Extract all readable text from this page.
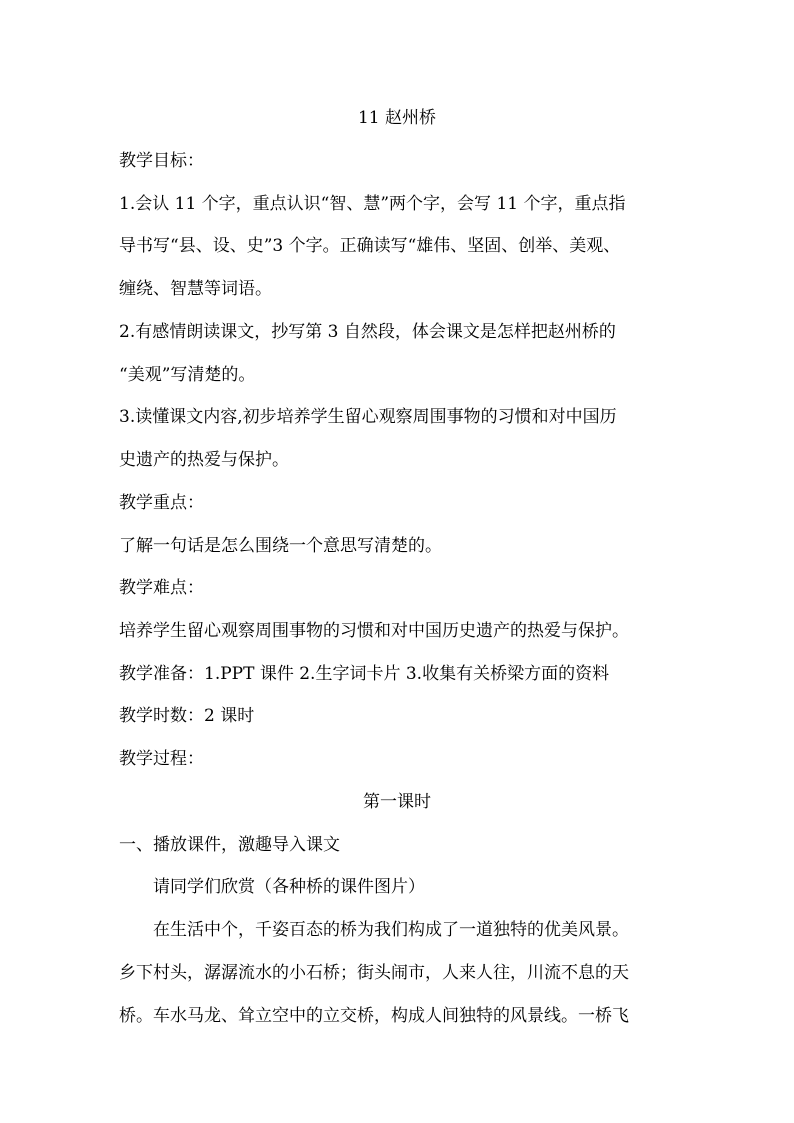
11 赵州桥
教学目标：
1.会认 11 个字，重点认识“智、慧”两个字，会写 11 个字，重点指
导书写“县、设、史”3 个字。正确读写“雄伟、坚固、创举、美观、
缠绕、智慧等词语。
2.有感情朗读课文，抄写第 3 自然段，体会课文是怎样把赵州桥的
“美观”写清楚的。
3.读懂课文内容,初步培养学生留心观察周围事物的习惯和对中国历
史遗产的热爱与保护。
教学重点：
了解一句话是怎么围绕一个意思写清楚的。
教学难点：
培养学生留心观察周围事物的习惯和对中国历史遗产的热爱与保护。
教学准备：1.PPT 课件 2.生字词卡片 3.收集有关桥梁方面的资料
教学时数：2 课时
教学过程：
第一课时
一、播放课件，激趣导入课文
请同学们欣赏（各种桥的课件图片）
在生活中个，千姿百态的桥为我们构成了一道独特的优美风景。
乡下村头，潺潺流水的小石桥；街头闹市，人来人往，川流不息的天
桥。车水马龙、耸立空中的立交桥，构成人间独特的风景线。一桥飞
